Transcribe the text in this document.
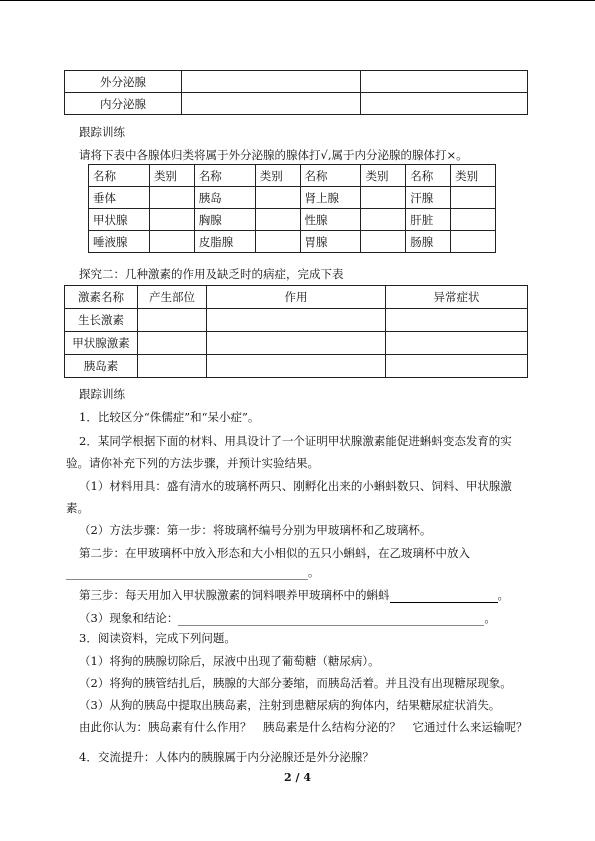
外分泌腺		
内分泌腺		
跟踪训练
请将下表中各腺体归类将属于外分泌腺的腺体打√,属于内分泌腺的腺体打×。
名称	类别	名称	类别	名称	类别	名称	类别
垂体		胰岛		肾上腺		汗腺	
甲状腺		胸腺		性腺		肝脏	
唾液腺		皮脂腺		胃腺		肠腺	
探究二：几种激素的作用及缺乏时的病症，完成下表
激素名称	产生部位	作用	异常症状
生长激素			
甲状腺激素			
胰岛素			
跟踪训练
1．比较区分“侏儒症”和“呆小症”。
2．某同学根据下面的材料、用具设计了一个证明甲状腺激素能促进蝌蚪变态发育的实
验。请你补充下列的方法步骤，并预计实验结果。
（1）材料用具：盛有清水的玻璃杯两只、刚孵化出来的小蝌蚪数只、饲料、甲状腺激
素。
（2）方法步骤：第一步：将玻璃杯编号分别为甲玻璃杯和乙玻璃杯。
第二步：在甲玻璃杯中放入形态和大小相似的五只小蝌蚪，在乙玻璃杯中放入
。
第三步：每天用加入甲状腺激素的饲料喂养甲玻璃杯中的蝌蚪	。
（3）现象和结论：	。
3．阅读资料，完成下列问题。
（1）将狗的胰腺切除后，尿液中出现了葡萄糖（糖尿病）。
（2）将狗的胰管结扎后，胰腺的大部分萎缩，而胰岛活着。并且没有出现糖尿现象。
（3）从狗的胰岛中提取出胰岛素，注射到患糖尿病的狗体内，结果糖尿症状消失。
由此你认为：胰岛素有什么作用？　胰岛素是什么结构分泌的？　它通过什么来运输呢？
4．交流提升：人体内的胰腺属于内分泌腺还是外分泌腺？
2 / 4
